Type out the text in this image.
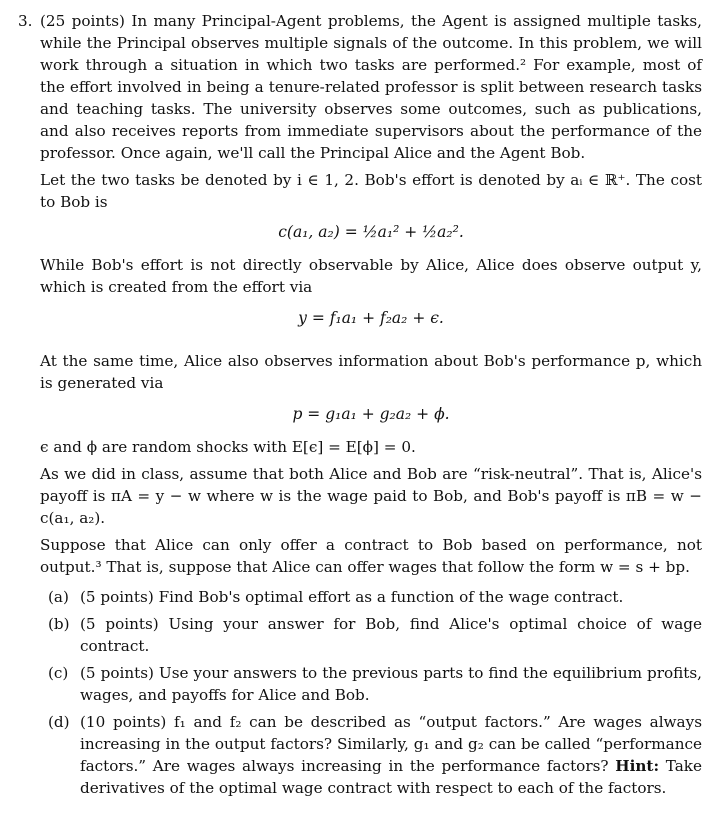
3. (25 points) In many Principal-Agent problems, the Agent is assigned multiple tasks, while the Principal observes multiple signals of the outcome. In this problem, we will work through a situation in which two tasks are performed.² For example, most of the effort involved in being a tenure-related professor is split between research tasks and teaching tasks. The university observes some outcomes, such as publications, and also receives reports from immediate supervisors about the performance of the professor. Once again, we'll call the Principal Alice and the Agent Bob.

Let the two tasks be denoted by i ∈ 1, 2. Bob's effort is denoted by aᵢ ∈ ℝ⁺. The cost to Bob is

c(a₁, a₂) = ½a₁² + ½a₂².

While Bob's effort is not directly observable by Alice, Alice does observe output y, which is created from the effort via

y = f₁a₁ + f₂a₂ + ϵ.

At the same time, Alice also observes information about Bob's performance p, which is generated via

p = g₁a₁ + g₂a₂ + ϕ.

ϵ and ϕ are random shocks with E[ϵ] = E[ϕ] = 0.

As we did in class, assume that both Alice and Bob are “risk-neutral”. That is, Alice's payoff is πA = y − w where w is the wage paid to Bob, and Bob's payoff is πB = w − c(a₁, a₂).

Suppose that Alice can only offer a contract to Bob based on performance, not output.³ That is, suppose that Alice can offer wages that follow the form w = s + bp.

(a) (5 points) Find Bob's optimal effort as a function of the wage contract.
(b) (5 points) Using your answer for Bob, find Alice's optimal choice of wage contract.
(c) (5 points) Use your answers to the previous parts to find the equilibrium profits, wages, and payoffs for Alice and Bob.
(d) (10 points) f₁ and f₂ can be described as “output factors.” Are wages always increasing in the output factors? Similarly, g₁ and g₂ can be called “performance factors.” Are wages always increasing in the performance factors? Hint: Take derivatives of the optimal wage contract with respect to each of the factors.
